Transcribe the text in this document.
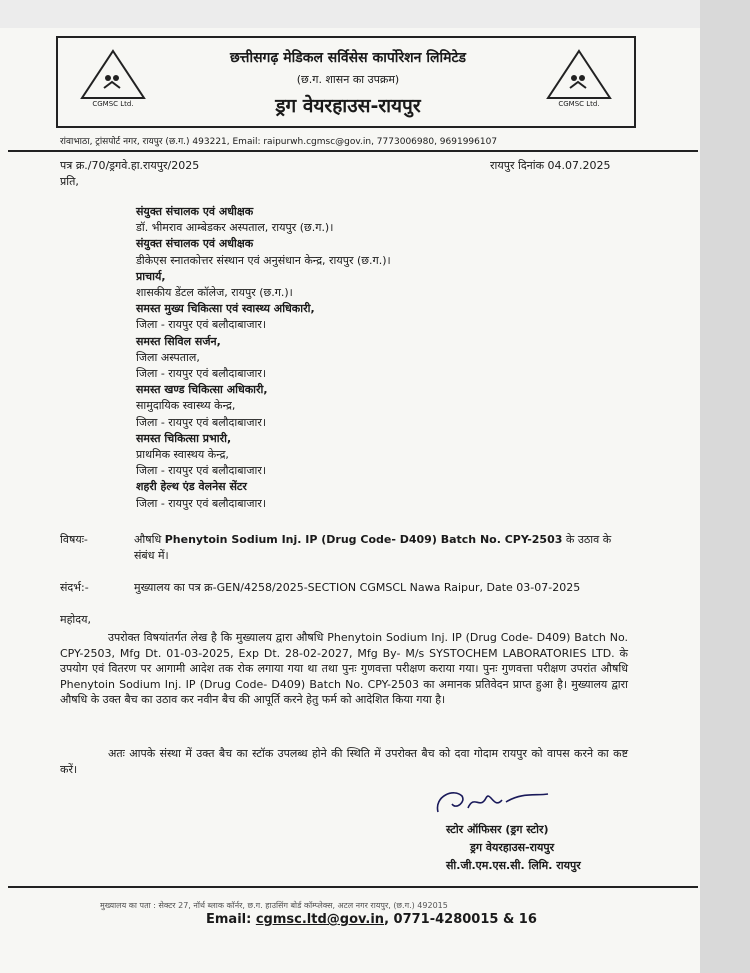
CGMSC Ltd.
छत्तीसगढ़ मेडिकल सर्विसेस कार्पोरेशन लिमिटेड
(छ.ग. शासन का उपक्रम)
ड्रग वेयरहाउस-रायपुर	CGMSC Ltd.
रांवाभाठा, ट्रांसपोर्ट नगर, रायपुर (छ.ग.) 493221, Email: raipurwh.cgmsc@gov.in, 7773006980, 9691996107
पत्र क्र./70/ड्रगवे.हा.रायपुर/2025	रायपुर दिनांक 04.07.2025
प्रति,
संयुक्त संचालक एवं अधीक्षक
डॉ. भीमराव आम्बेडकर अस्पताल, रायपुर (छ.ग.)।
संयुक्त संचालक एवं अधीक्षक
डीकेएस स्नातकोत्तर संस्थान एवं अनुसंधान केन्द्र, रायपुर (छ.ग.)।
प्राचार्य,
शासकीय डेंटल कॉलेज, रायपुर (छ.ग.)।
समस्त मुख्य चिकित्सा एवं स्वास्थ्य अधिकारी,
जिला - रायपुर एवं बलौदाबाजार।
समस्त सिविल सर्जन,
जिला अस्पताल,
जिला - रायपुर एवं बलौदाबाजार।
समस्त खण्ड चिकित्सा अधिकारी,
सामुदायिक स्वास्थ्य केन्द्र,
जिला - रायपुर एवं बलौदाबाजार।
समस्त चिकित्सा प्रभारी,
प्राथमिक स्वास्थय केन्द्र,
जिला - रायपुर एवं बलौदाबाजार।
शहरी हेल्थ एंड वेलनेस सेंटर
जिला - रायपुर एवं बलौदाबाजार।
विषयः-	औषधि Phenytoin Sodium Inj. IP (Drug Code- D409) Batch No. CPY-2503 के उठाव के
संबंध में।
संदर्भ:-	मुख्यालय का पत्र क्र-GEN/4258/2025-SECTION CGMSCL Nawa Raipur, Date 03-07-2025
महोदय,
उपरोक्त विषयांतर्गत लेख है कि मुख्यालय द्वारा औषधि Phenytoin Sodium Inj. IP (Drug Code- D409) Batch No. CPY-2503, Mfg Dt. 01-03-2025, Exp Dt. 28-02-2027, Mfg By- M/s SYSTOCHEM LABORATORIES LTD. के उपयोग एवं वितरण पर आगामी आदेश तक रोक लगाया गया था तथा पुनः गुणवत्ता परीक्षण कराया गया। पुनः गुणवत्ता परीक्षण उपरांत औषधि Phenytoin Sodium Inj. IP (Drug Code- D409) Batch No. CPY-2503 का अमानक प्रतिवेदन प्राप्त हुआ है। मुख्यालय द्वारा औषधि के उक्त बैच का उठाव कर नवीन बैच की आपूर्ति करने हेतु फर्म को आदेशित किया गया है।
अतः आपके संस्था में उक्त बैच का स्टॉक उपलब्ध होने की स्थिति में उपरोक्त बैच को दवा गोदाम रायपुर को वापस करने का कष्ट करें।
स्टोर ऑफिसर (ड्रग स्टोर)
ड्रग वेयरहाउस-रायपुर
सी.जी.एम.एस.सी. लिमि. रायपुर
मुख्यालय का पता : सेक्टर 27, नॉर्थ ब्लाक कॉर्नर, छ.ग. हाउसिंग बोर्ड कॉम्प्लेक्स, अटल नगर रायपुर, (छ.ग.) 492015
Email: cgmsc.ltd@gov.in, 0771-4280015 & 16
